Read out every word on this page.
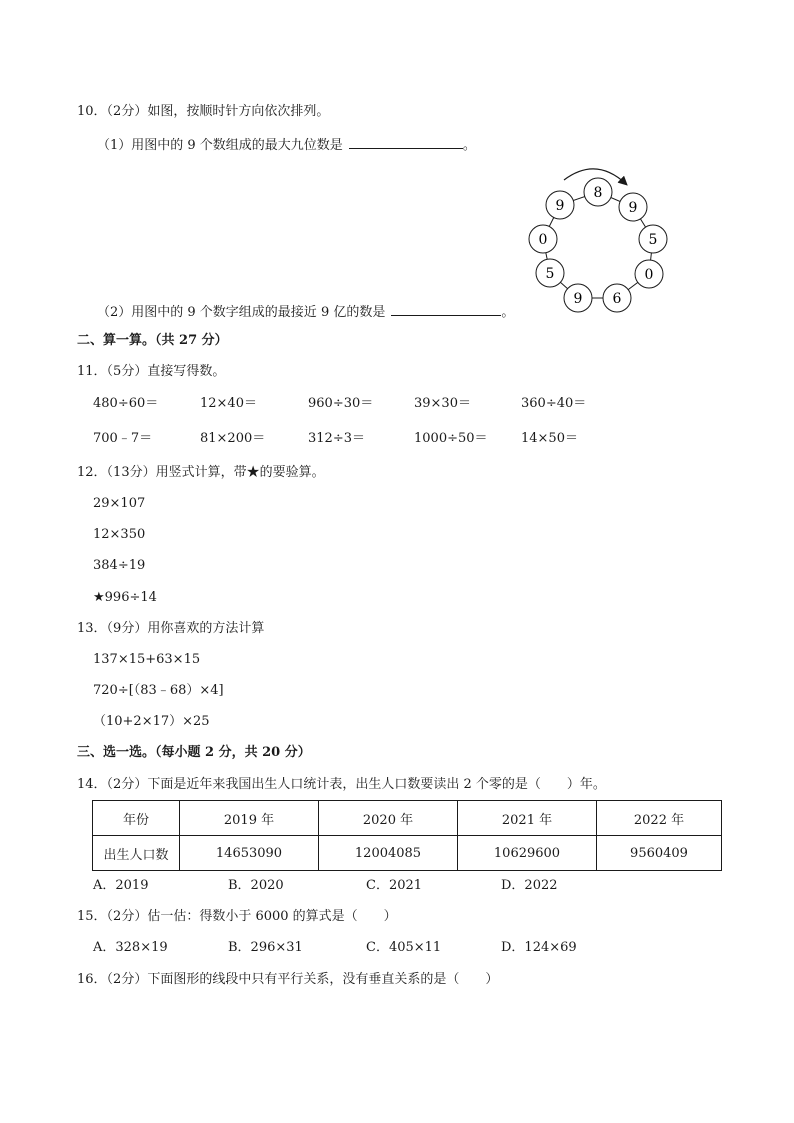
10．（2分）如图，按顺时针方向依次排列。
（1）用图中的 9 个数组成的最大九位数是	。
8
9
5
0
6
9
5
0
9
（2）用图中的 9 个数字组成的最接近 9 亿的数是	。
二、算一算。（共 27 分）
11．（5分）直接写得数。
480÷60＝	12×40＝	960÷30＝	39×30＝	360÷40＝
700﹣7＝	81×200＝	312÷3＝	1000÷50＝	14×50＝
12．（13分）用竖式计算，带★的要验算。
29×107
12×350
384÷19
★996÷14
13．（9分）用你喜欢的方法计算
137×15+63×15
720÷[（83﹣68）×4]
（10+2×17）×25
三、选一选。（每小题 2 分，共 20 分）
14．（2分）下面是近年来我国出生人口统计表，出生人口数要读出 2 个零的是（　　）年。
年份	2019 年	2020 年	2021 年	2022 年
出生人口数	14653090	12004085	10629600	9560409
A．2019	B．2020	C．2021	D．2022
15．（2分）估一估：得数小于 6000 的算式是（　　）
A．328×19	B．296×31	C．405×11	D．124×69
16．（2分）下面图形的线段中只有平行关系，没有垂直关系的是（　　）
